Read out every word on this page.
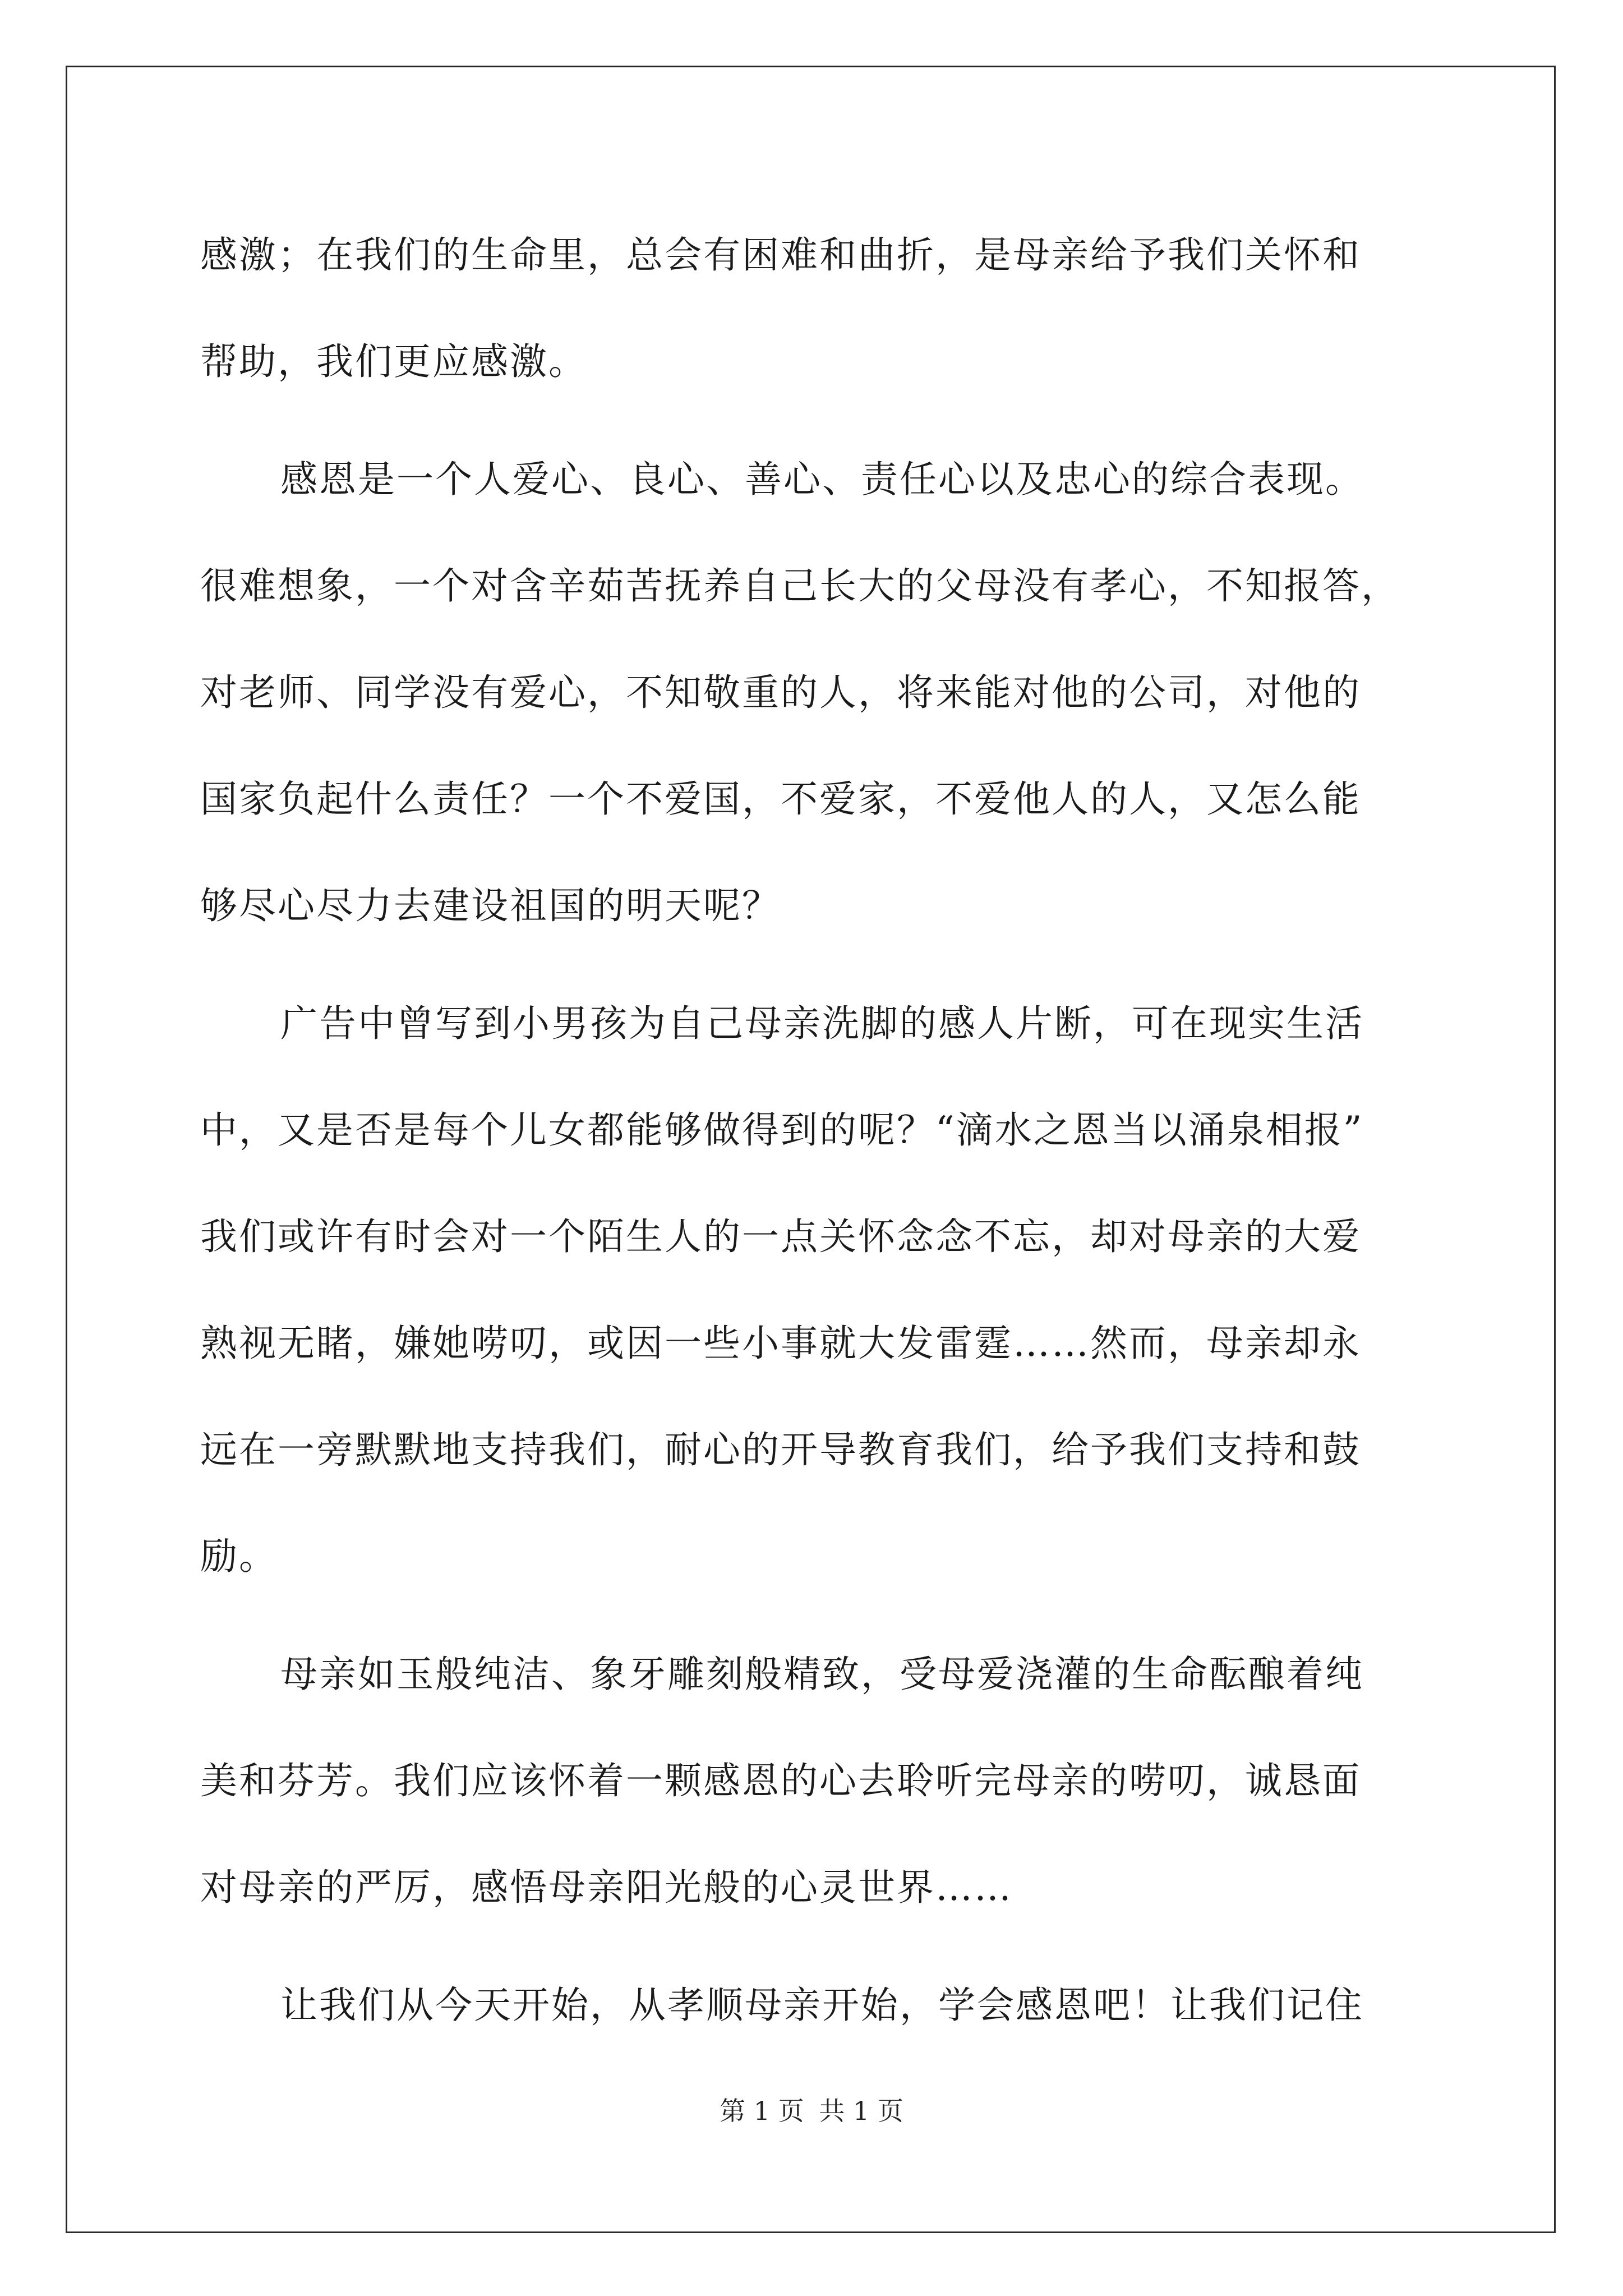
感激；在我们的生命里，总会有困难和曲折，是母亲给予我们关怀和
帮助，我们更应感激。
感恩是一个人爱心、良心、善心、责任心以及忠心的综合表现。
很难想象，一个对含辛茹苦抚养自己长大的父母没有孝心，不知报答，
对老师、同学没有爱心，不知敬重的人，将来能对他的公司，对他的
国家负起什么责任？一个不爱国，不爱家，不爱他人的人，又怎么能
够尽心尽力去建设祖国的明天呢？
广告中曾写到小男孩为自己母亲洗脚的感人片断，可在现实生活
中，又是否是每个儿女都能够做得到的呢？“滴水之恩当以涌泉相报”
我们或许有时会对一个陌生人的一点关怀念念不忘，却对母亲的大爱
熟视无睹，嫌她唠叨，或因一些小事就大发雷霆……然而，母亲却永
远在一旁默默地支持我们，耐心的开导教育我们，给予我们支持和鼓
励。
母亲如玉般纯洁、象牙雕刻般精致，受母爱浇灌的生命酝酿着纯
美和芬芳。我们应该怀着一颗感恩的心去聆听完母亲的唠叨，诚恳面
对母亲的严厉，感悟母亲阳光般的心灵世界……
让我们从今天开始，从孝顺母亲开始，学会感恩吧！让我们记住
第 1 页 共 1 页
